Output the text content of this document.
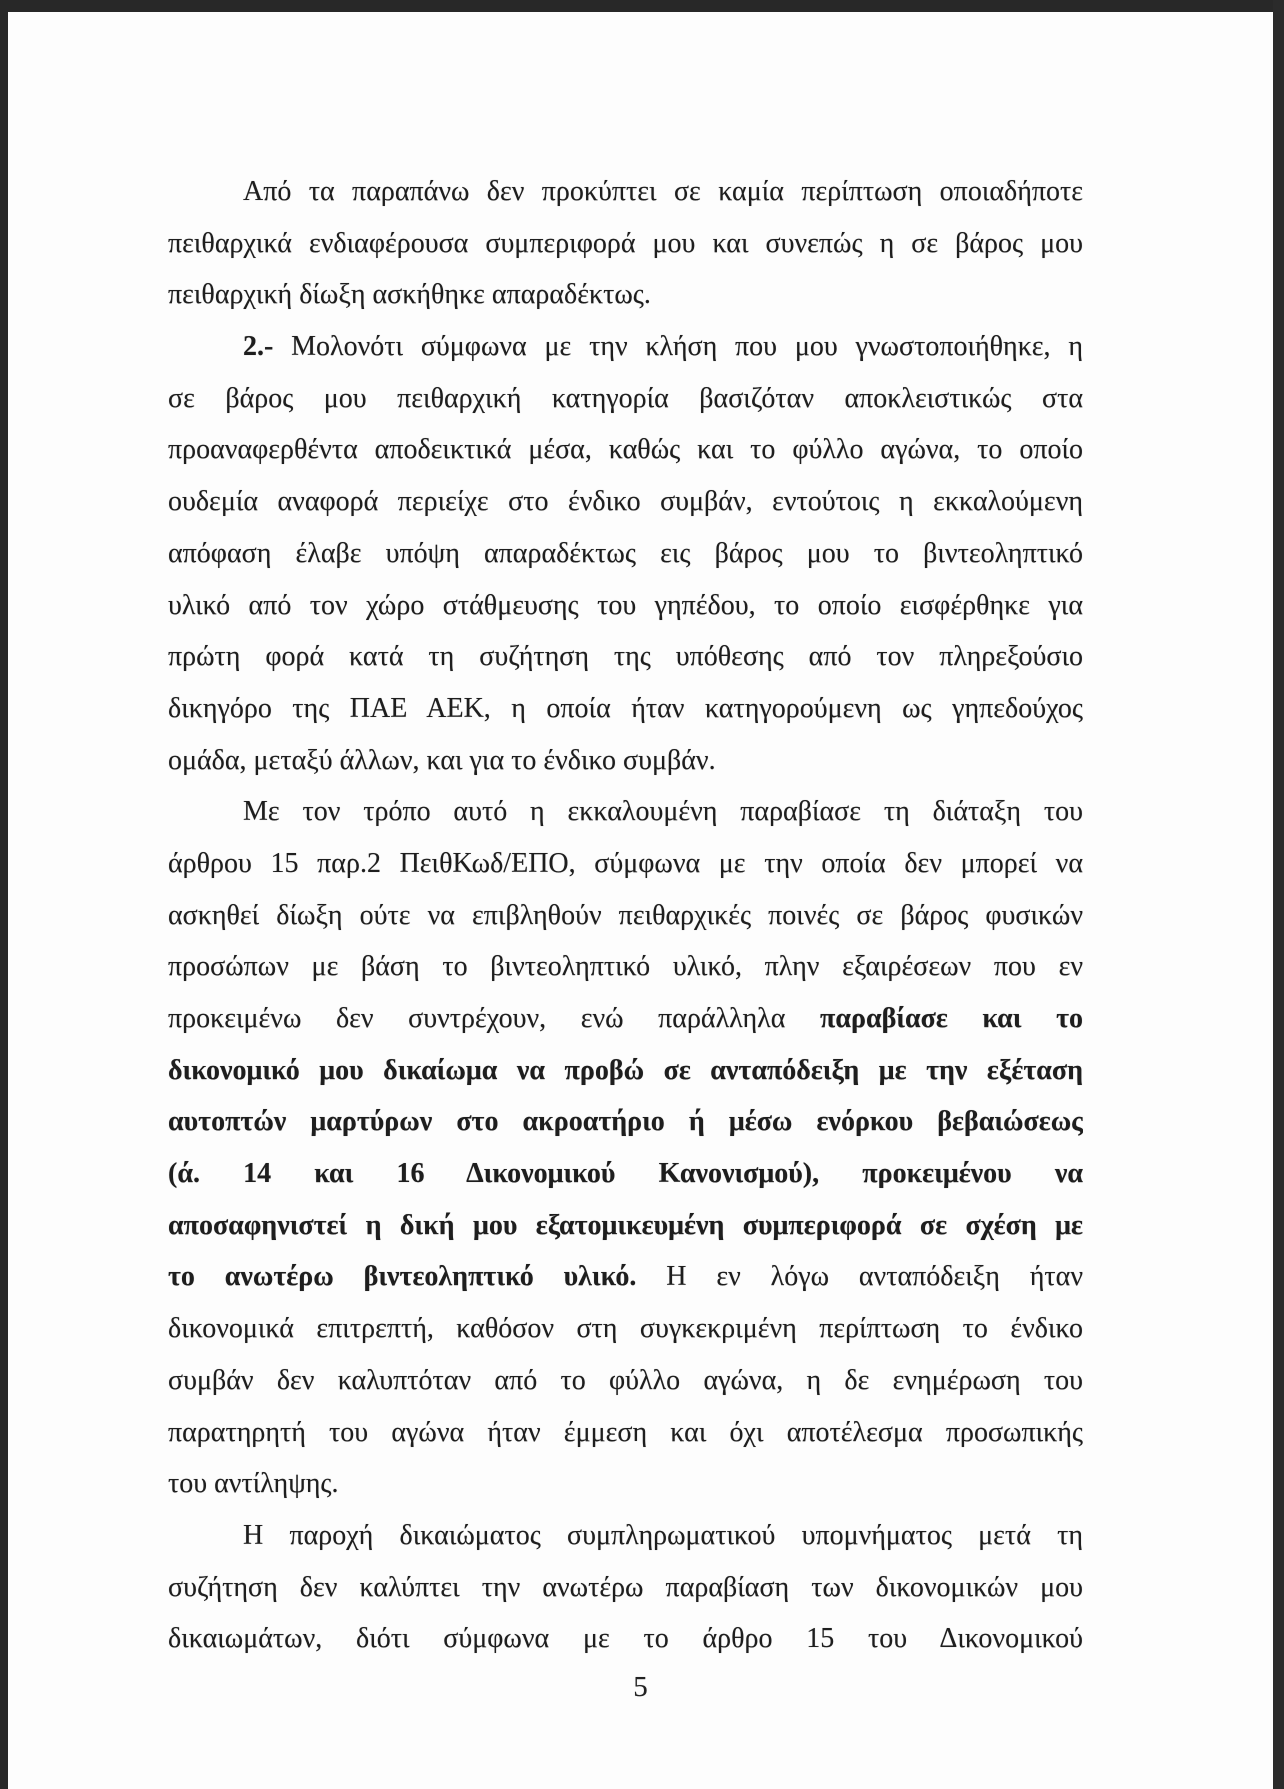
Από τα παραπάνω δεν προκύπτει σε καμία περίπτωση οποιαδήποτε
πειθαρχικά ενδιαφέρουσα συμπεριφορά μου και συνεπώς η σε βάρος μου
πειθαρχική δίωξη ασκήθηκε απαραδέκτως.
2.- Μολονότι σύμφωνα με την κλήση που μου γνωστοποιήθηκε, η
σε βάρος μου πειθαρχική κατηγορία βασιζόταν αποκλειστικώς στα
προαναφερθέντα αποδεικτικά μέσα, καθώς και το φύλλο αγώνα, το οποίο
ουδεμία αναφορά περιείχε στο ένδικο συμβάν, εντούτοις η εκκαλούμενη
απόφαση έλαβε υπόψη απαραδέκτως εις βάρος μου το βιντεοληπτικό
υλικό από τον χώρο στάθμευσης του γηπέδου, το οποίο εισφέρθηκε για
πρώτη φορά κατά τη συζήτηση της υπόθεσης από τον πληρεξούσιο
δικηγόρο της ΠΑΕ ΑΕΚ, η οποία ήταν κατηγορούμενη ως γηπεδούχος
ομάδα, μεταξύ άλλων, και για το ένδικο συμβάν.
Με τον τρόπο αυτό η εκκαλουμένη παραβίασε τη διάταξη του
άρθρου 15 παρ.2 ΠειθΚωδ/ΕΠΟ, σύμφωνα με την οποία δεν μπορεί να
ασκηθεί δίωξη ούτε να επιβληθούν πειθαρχικές ποινές σε βάρος φυσικών
προσώπων με βάση το βιντεοληπτικό υλικό, πλην εξαιρέσεων που εν
προκειμένω δεν συντρέχουν, ενώ παράλληλα παραβίασε και το
δικονομικό μου δικαίωμα να προβώ σε ανταπόδειξη με την εξέταση
αυτοπτών μαρτύρων στο ακροατήριο ή μέσω ενόρκου βεβαιώσεως
(ά. 14 και 16 Δικονομικού Κανονισμού), προκειμένου να
αποσαφηνιστεί η δική μου εξατομικευμένη συμπεριφορά σε σχέση με
το ανωτέρω βιντεοληπτικό υλικό. Η εν λόγω ανταπόδειξη ήταν
δικονομικά επιτρεπτή, καθόσον στη συγκεκριμένη περίπτωση το ένδικο
συμβάν δεν καλυπτόταν από το φύλλο αγώνα, η δε ενημέρωση του
παρατηρητή του αγώνα ήταν έμμεση και όχι αποτέλεσμα προσωπικής
του αντίληψης.
Η παροχή δικαιώματος συμπληρωματικού υπομνήματος μετά τη
συζήτηση δεν καλύπτει την ανωτέρω παραβίαση των δικονομικών μου
δικαιωμάτων, διότι σύμφωνα με το άρθρο 15 του Δικονομικού
5
